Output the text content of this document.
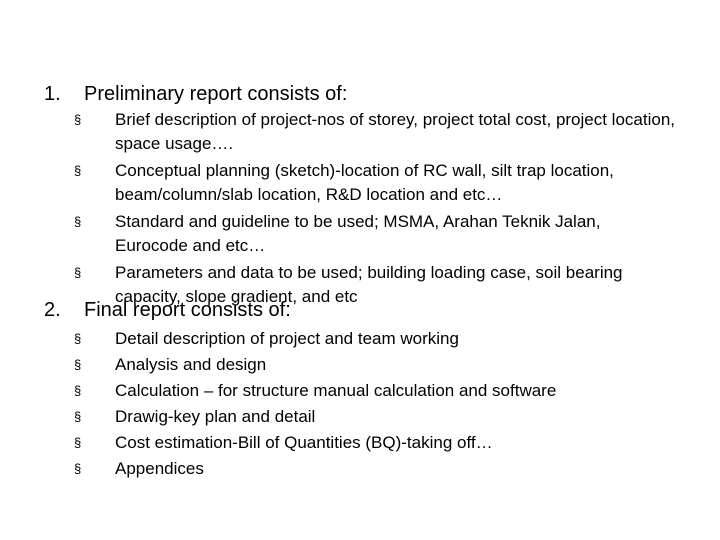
1. Preliminary report consists of:
§ Brief description of project-nos of storey, project total cost, project location, space usage….
§ Conceptual planning (sketch)-location of RC wall, silt trap location, beam/column/slab location, R&D location and etc…
§ Standard and guideline to be used; MSMA, Arahan Teknik Jalan, Eurocode and etc…
§ Parameters and data to be used; building loading case, soil bearing capacity, slope gradient, and etc
2. Final report consists of:
§ Detail description of project and team working
§ Analysis and design
§ Calculation – for structure manual calculation and software
§ Drawig-key plan and detail
§ Cost estimation-Bill of Quantities (BQ)-taking off…
§ Appendices
